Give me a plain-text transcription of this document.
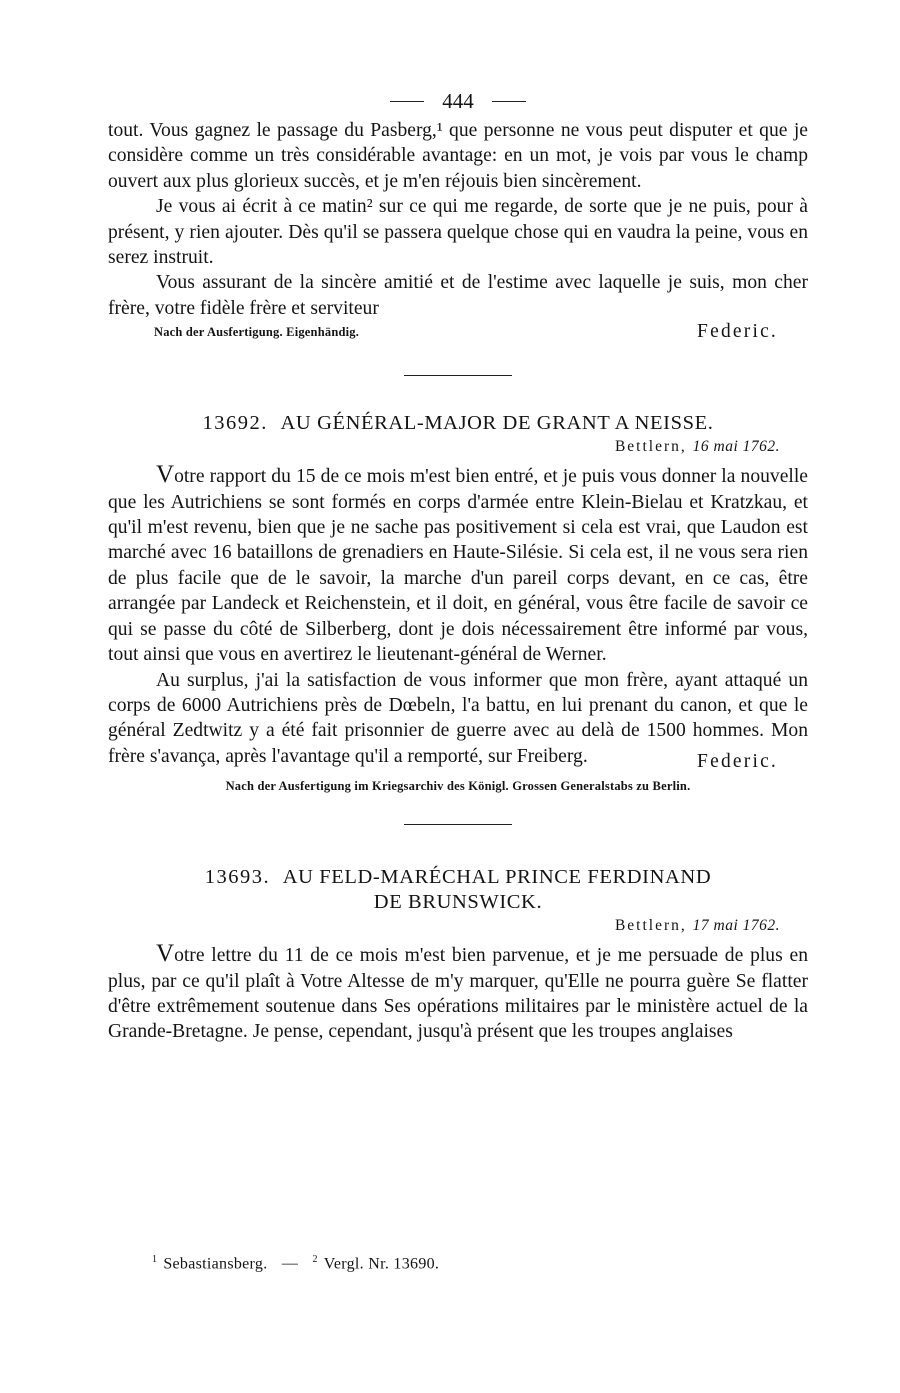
444

tout. Vous gagnez le passage du Pasberg,¹ que personne ne vous peut disputer et que je considère comme un très considérable avantage: en un mot, je vois par vous le champ ouvert aux plus glorieux succès, et je m'en réjouis bien sincèrement.

Je vous ai écrit à ce matin² sur ce qui me regarde, de sorte que je ne puis, pour à présent, y rien ajouter. Dès qu'il se passera quelque chose qui en vaudra la peine, vous en serez instruit.

Vous assurant de la sincère amitié et de l'estime avec laquelle je suis, mon cher frère, votre fidèle frère et serviteur

Nach der Ausfertigung. Eigenhändig.	Federic.
13692. AU GÉNÉRAL-MAJOR DE GRANT A NEISSE.
Bettlern, 16 mai 1762.

Votre rapport du 15 de ce mois m'est bien entré, et je puis vous donner la nouvelle que les Autrichiens se sont formés en corps d'armée entre Klein-Bielau et Kratzkau, et qu'il m'est revenu, bien que je ne sache pas positivement si cela est vrai, que Laudon est marché avec 16 bataillons de grenadiers en Haute-Silésie. Si cela est, il ne vous sera rien de plus facile que de le savoir, la marche d'un pareil corps devant, en ce cas, être arrangée par Landeck et Reichenstein, et il doit, en général, vous être facile de savoir ce qui se passe du côté de Silberberg, dont je dois nécessairement être informé par vous, tout ainsi que vous en avertirez le lieutenant-général de Werner.

Au surplus, j'ai la satisfaction de vous informer que mon frère, ayant attaqué un corps de 6000 Autrichiens près de Dœbeln, l'a battu, en lui prenant du canon, et que le général Zedtwitz y a été fait prisonnier de guerre avec au delà de 1500 hommes. Mon frère s'avança, après l'avantage qu'il a remporté, sur Freiberg.	Federic.
Nach der Ausfertigung im Kriegsarchiv des Königl. Grossen Generalstabs zu Berlin.
13693. AU FELD-MARÉCHAL PRINCE FERDINAND
DE BRUNSWICK.
Bettlern, 17 mai 1762.

Votre lettre du 11 de ce mois m'est bien parvenue, et je me persuade de plus en plus, par ce qu'il plaît à Votre Altesse de m'y marquer, qu'Elle ne pourra guère Se flatter d'être extrêmement soutenue dans Ses opérations militaires par le ministère actuel de la Grande-Bretagne. Je pense, cependant, jusqu'à présent que les troupes anglaises

$^1$ Sebastiansberg. — $^2$ Vergl. Nr. 13690.
